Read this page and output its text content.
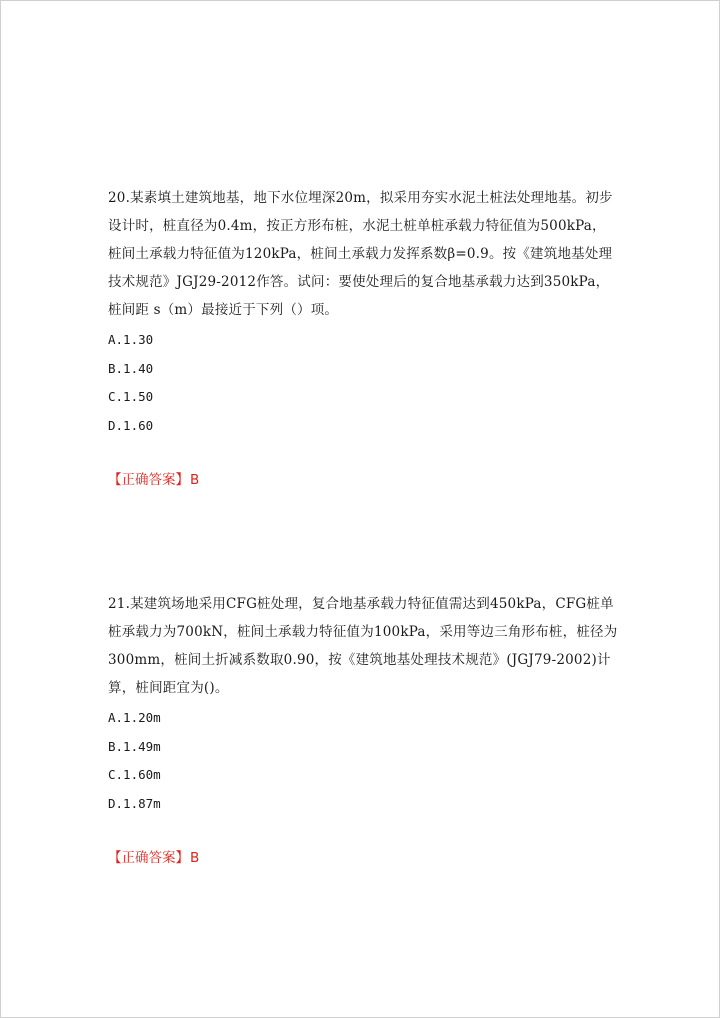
20.某素填土建筑地基，地下水位埋深20m，拟采用夯实水泥土桩法处理地基。初步设计时，桩直径为0.4m，按正方形布桩，水泥土桩单桩承载力特征值为500kPa，桩间土承载力特征值为120kPa，桩间土承载力发挥系数β=0.9。按《建筑地基处理技术规范》JGJ29-2012作答。试问：要使处理后的复合地基承载力达到350kPa，桩间距 s（m）最接近于下列（）项。

A.1.30
B.1.40
C.1.50
D.1.60
【正确答案】B

21.某建筑场地采用CFG桩处理，复合地基承载力特征值需达到450kPa，CFG桩单桩承载力为700kN，桩间土承载力特征值为100kPa，采用等边三角形布桩，桩径为300mm，桩间土折减系数取0.90，按《建筑地基处理技术规范》(JGJ79-2002)计算，桩间距宜为()。

A.1.20m
B.1.49m
C.1.60m
D.1.87m
【正确答案】B
